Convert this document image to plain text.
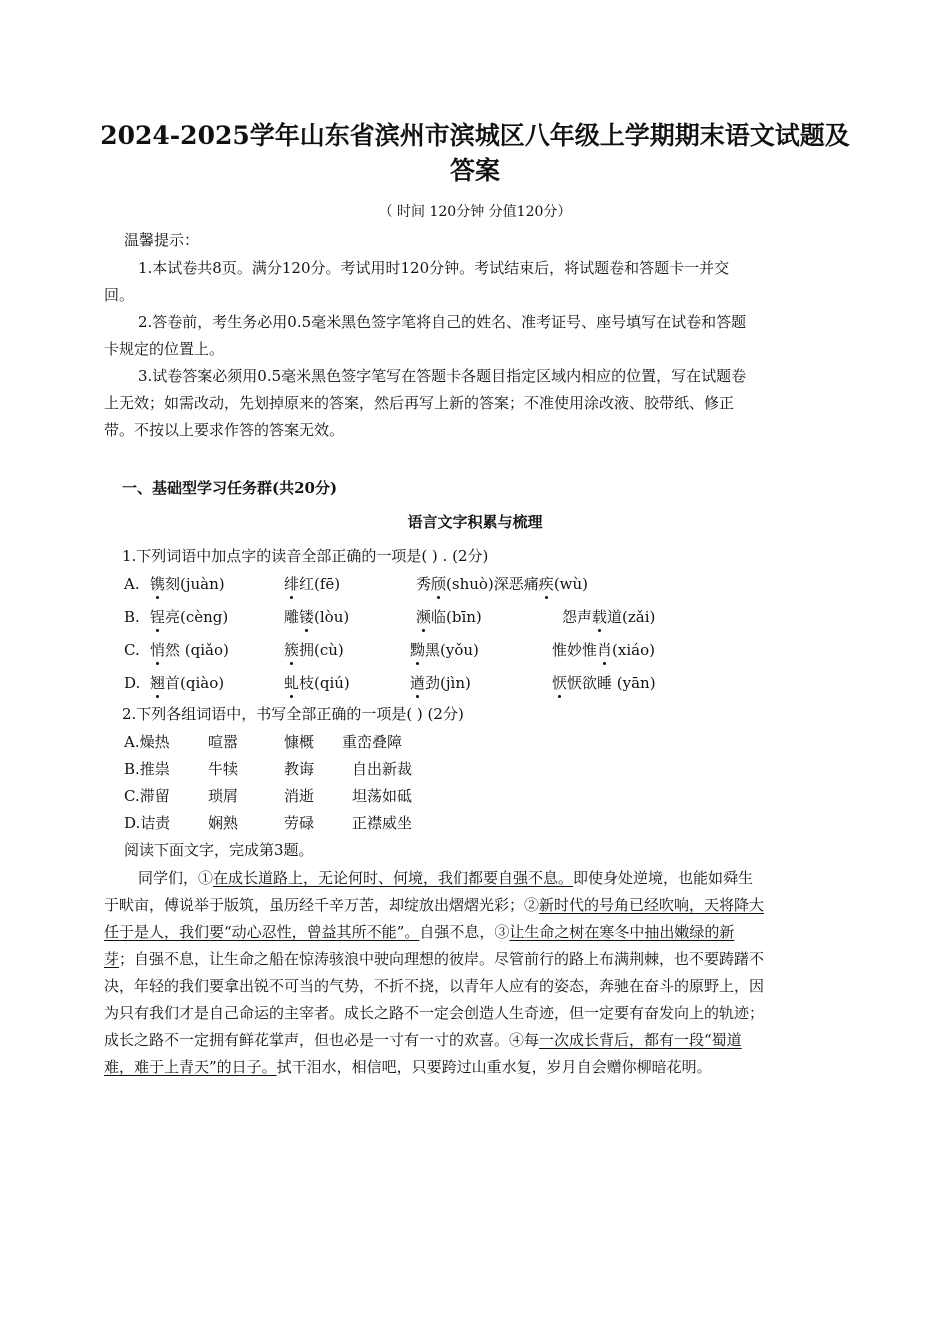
2024-2025学年山东省滨州市滨城区八年级上学期期末语文试题及
答案
（ 时间 120分钟 分值120分）
温馨提示：
1.本试卷共8页。满分120分。考试用时120分钟。考试结束后，将试题卷和答题卡一并交
回。
2.答卷前，考生务必用0.5毫米黑色签字笔将自己的姓名、准考证号、座号填写在试卷和答题
卡规定的位置上。
3.试卷答案必须用0.5毫米黑色签字笔写在答题卡各题目指定区域内相应的位置，写在试题卷
上无效；如需改动，先划掉原来的答案，然后再写上新的答案；不准使用涂改液、胶带纸、修正
带。不按以上要求作答的答案无效。
一、基础型学习任务群(共20分)
语言文字积累与梳理
1.下列词语中加点字的读音全部正确的一项是( ) . (2分)
A. 镌刻(juàn)	绯红(fē)	秀颀(shuò)深恶痛疾(wù)
B. 锃亮(cèng)	雕镂(lòu)	濒临(bīn)	怨声载道(zǎi)
C. 悄然 (qiǎo)	簇拥(cù)	黝黑(yǒu)	惟妙惟肖(xiáo)
D. 翘首(qiào)	虬枝(qiú)	遒劲(jìn)	恹恹欲睡 (yān)
2.下列各组词语中，书写全部正确的一项是( ) (2分)
A.燥热	喧嚣	慷概 重峦叠障
B.推祟	牛犊	教诲	自出新裁
C.滞留	琐屑	消逝	坦荡如砥
D.诘责	娴熟	劳碌	正襟威坐
阅读下面文字，完成第3题。
同学们，①在成长道路上，无论何时、何境，我们都要自强不息。即使身处逆境，也能如舜生
于畎亩，傅说举于版筑，虽历经千辛万苦，却绽放出熠熠光彩；②新时代的号角已经吹响，天将降大
任于是人，我们要“动心忍性，曾益其所不能”。自强不息，③让生命之树在寒冬中抽出嫩绿的新
芽；自强不息，让生命之船在惊涛骇浪中驶向理想的彼岸。尽管前行的路上布满荆棘，也不要踌躇不
决，年轻的我们要拿出锐不可当的气势，不折不挠，以青年人应有的姿态，奔驰在奋斗的原野上，因
为只有我们才是自己命运的主宰者。成长之路不一定会创造人生奇迹，但一定要有奋发向上的轨迹；
成长之路不一定拥有鲜花掌声，但也必是一寸有一寸的欢喜。④每一次成长背后，都有一段“蜀道
难，难于上青天”的日子。拭干泪水，相信吧，只要跨过山重水复，岁月自会赠你柳暗花明。
